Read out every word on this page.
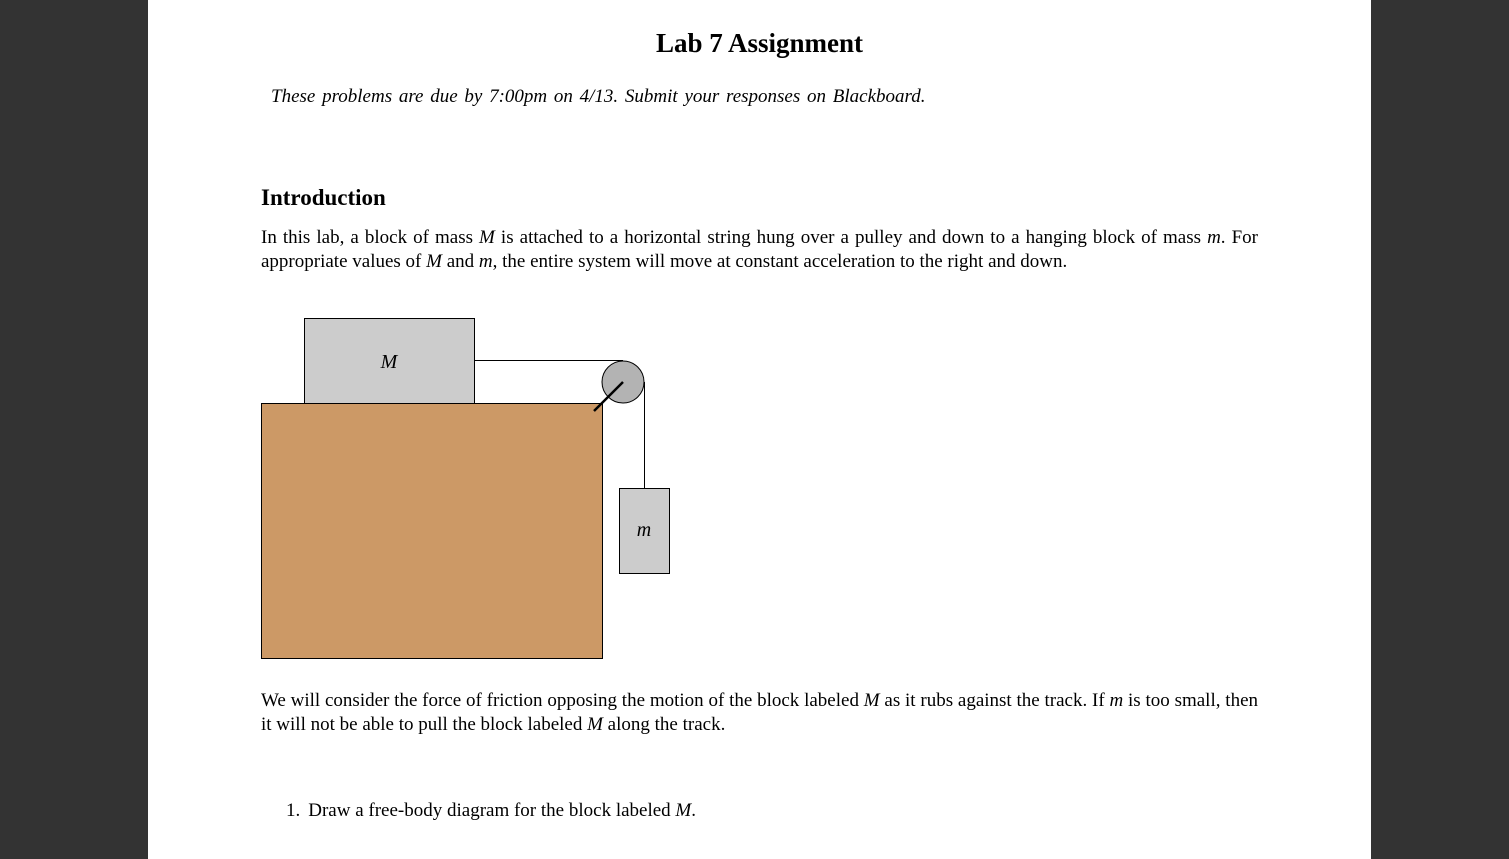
Lab 7 Assignment
These problems are due by 7:00pm on 4/13. Submit your responses on Blackboard.
Introduction
In this lab, a block of mass M is attached to a horizontal string hung over a pulley and down to a hanging block of mass m. For appropriate values of M and m, the entire system will move at constant acceleration to the right and down.
M
m
We will consider the force of friction opposing the motion of the block labeled M as it rubs against the track. If m is too small, then it will not be able to pull the block labeled M along the track.
1. Draw a free-body diagram for the block labeled M.
